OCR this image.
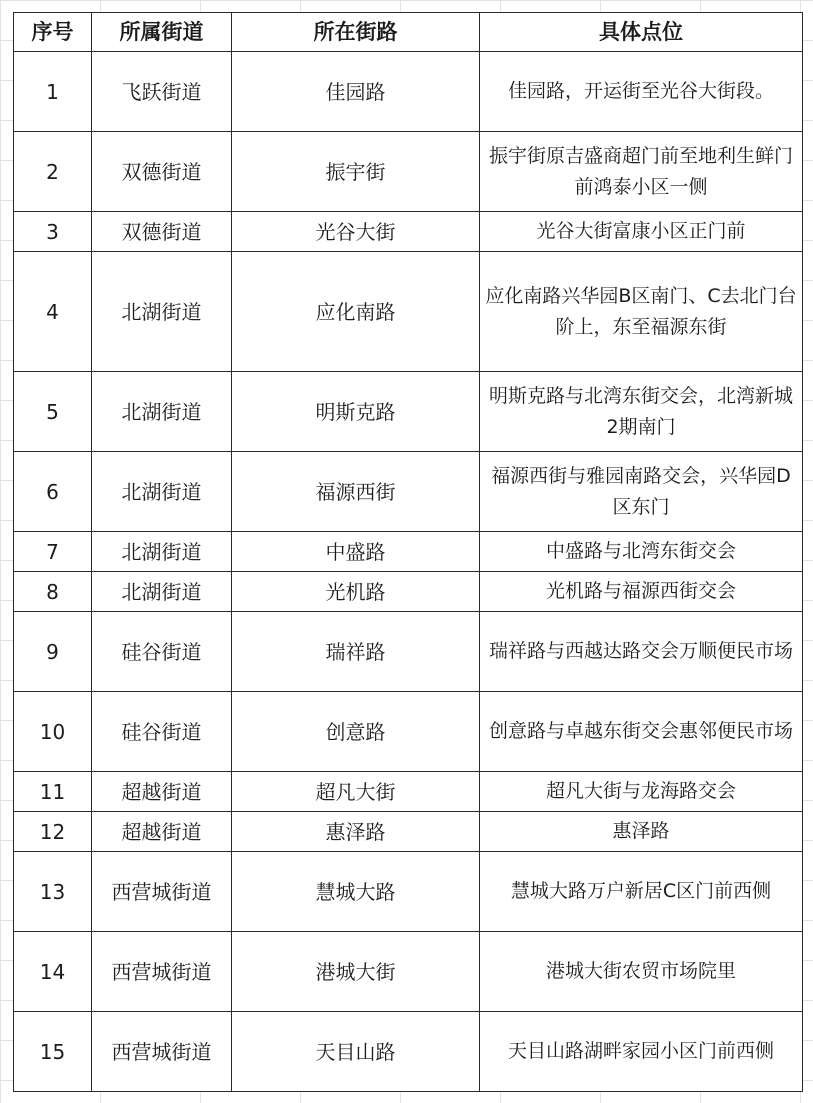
序号	所属街道	所在街路	具体点位
1	飞跃街道	佳园路	佳园路，开运街至光谷大街段。
2	双德街道	振宇街	振宇街原吉盛商超门前至地利生鲜门前鸿泰小区一侧
3	双德街道	光谷大街	光谷大街富康小区正门前
4	北湖街道	应化南路	应化南路兴华园B区南门、C去北门台阶上，东至福源东街
5	北湖街道	明斯克路	明斯克路与北湾东街交会，北湾新城2期南门
6	北湖街道	福源西街	福源西街与雅园南路交会，兴华园D区东门
7	北湖街道	中盛路	中盛路与北湾东街交会
8	北湖街道	光机路	光机路与福源西街交会
9	硅谷街道	瑞祥路	瑞祥路与西越达路交会万顺便民市场
10	硅谷街道	创意路	创意路与卓越东街交会惠邻便民市场
11	超越街道	超凡大街	超凡大街与龙海路交会
12	超越街道	惠泽路	惠泽路
13	西营城街道	慧城大路	慧城大路万户新居C区门前西侧
14	西营城街道	港城大街	港城大街农贸市场院里
15	西营城街道	天目山路	天目山路湖畔家园小区门前西侧
